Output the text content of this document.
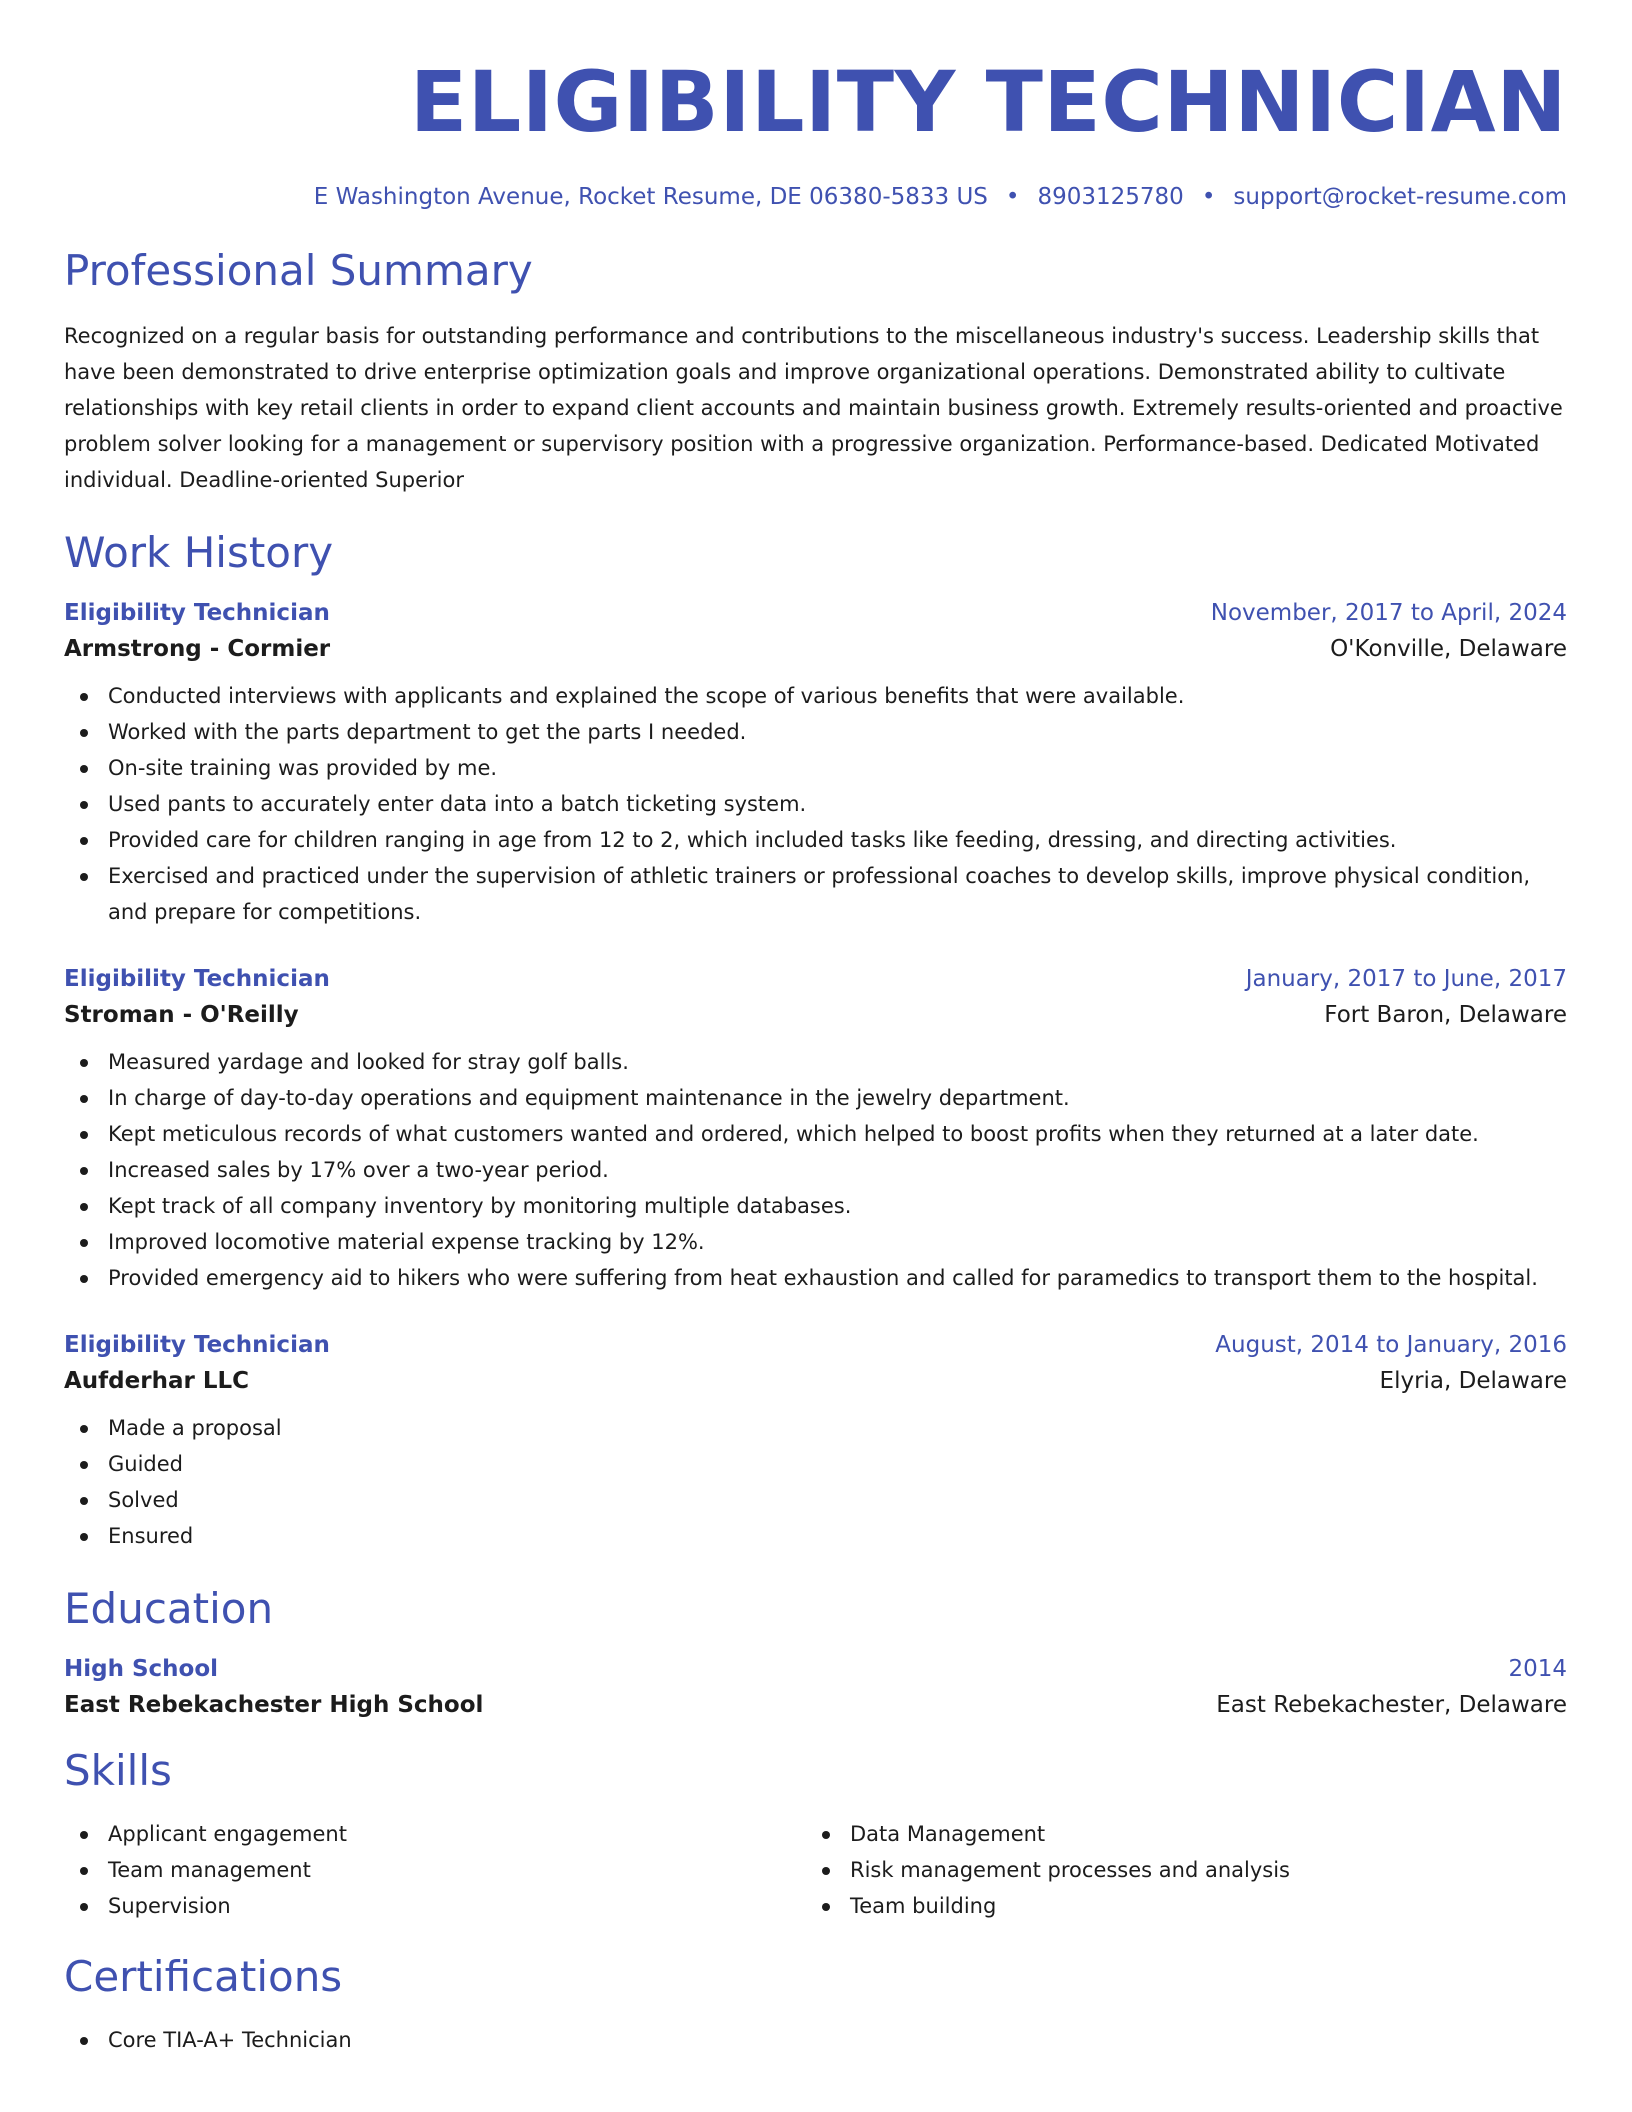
ELIGIBILITY TECHNICIAN
E Washington Avenue, Rocket Resume, DE 06380-5833 US • 8903125780 • support@rocket-resume.com
Professional Summary

Recognized on a regular basis for outstanding performance and contributions to the miscellaneous industry's success. Leadership skills that have been demonstrated to drive enterprise optimization goals and improve organizational operations. Demonstrated ability to cultivate relationships with key retail clients in order to expand client accounts and maintain business growth. Extremely results-oriented and proactive problem solver looking for a management or supervisory position with a progressive organization. Performance-based. Dedicated Motivated individual. Deadline-oriented Superior

Work History
Eligibility Technician	November, 2017 to April, 2024
Armstrong - Cormier	O'Konville, Delaware
Conducted interviews with applicants and explained the scope of various benefits that were available.
Worked with the parts department to get the parts I needed.
On-site training was provided by me.
Used pants to accurately enter data into a batch ticketing system.
Provided care for children ranging in age from 12 to 2, which included tasks like feeding, dressing, and directing activities.
Exercised and practiced under the supervision of athletic trainers or professional coaches to develop skills, improve physical condition, and prepare for competitions.
Eligibility Technician	January, 2017 to June, 2017
Stroman - O'Reilly	Fort Baron, Delaware
Measured yardage and looked for stray golf balls.
In charge of day-to-day operations and equipment maintenance in the jewelry department.
Kept meticulous records of what customers wanted and ordered, which helped to boost profits when they returned at a later date.
Increased sales by 17% over a two-year period.
Kept track of all company inventory by monitoring multiple databases.
Improved locomotive material expense tracking by 12%.
Provided emergency aid to hikers who were suffering from heat exhaustion and called for paramedics to transport them to the hospital.
Eligibility Technician	August, 2014 to January, 2016
Aufderhar LLC	Elyria, Delaware
Made a proposal
Guided
Solved
Ensured
Education
High School	2014
East Rebekachester High School	East Rebekachester, Delaware
Skills
Applicant engagement
Team management
Supervision
Data Management
Risk management processes and analysis
Team building
Certifications
Core TIA-A+ Technician
